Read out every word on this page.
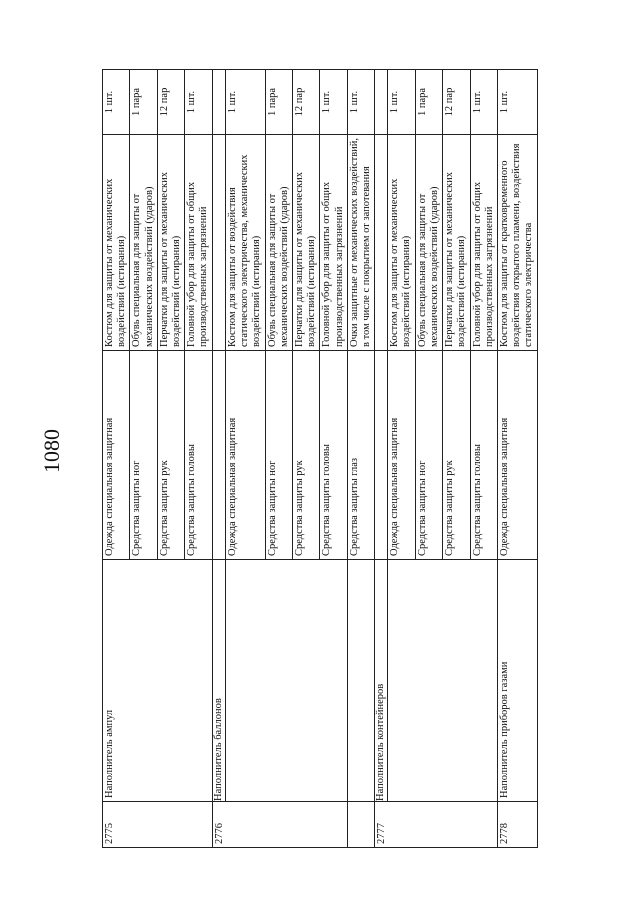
1080
2775	Наполнитель ампул	Одежда специальная защитная	Костюм для защиты от механических воздействий (истирания)	1 шт.
		Средства защиты ног	Обувь специальная для защиты от механических воздействий (ударов)	1 пара
		Средства защиты рук	Перчатки для защиты от механических воздействий (истирания)	12 пар
		Средства защиты головы	Головной убор для защиты от общих производственных загрязнений	1 шт.
2776	Наполнитель баллонов			
		Одежда специальная защитная	Костюм для защиты от воздействия статического электричества, механических воздействий (истирания)	1 шт.
		Средства защиты ног	Обувь специальная для защиты от механических воздействий (ударов)	1 пара
		Средства защиты рук	Перчатки для защиты от механических воздействий (истирания)	12 пар
		Средства защиты головы	Головной убор для защиты от общих производственных загрязнений	1 шт.
		Средства защиты глаз	Очки защитные от механических воздействий, в том числе с покрытием от запотевания	1 шт.
2777	Наполнитель контейнеров			
		Одежда специальная защитная	Костюм для защиты от механических воздействий (истирания)	1 шт.
		Средства защиты ног	Обувь специальная для защиты от механических воздействий (ударов)	1 пара
		Средства защиты рук	Перчатки для защиты от механических воздействий (истирания)	12 пар
		Средства защиты головы	Головной убор для защиты от общих производственных загрязнений	1 шт.
2778	Наполнитель приборов газами	Одежда специальная защитная	Костюм для защиты от кратковременного воздействия открытого пламени, воздействия статического электричества	1 шт.
